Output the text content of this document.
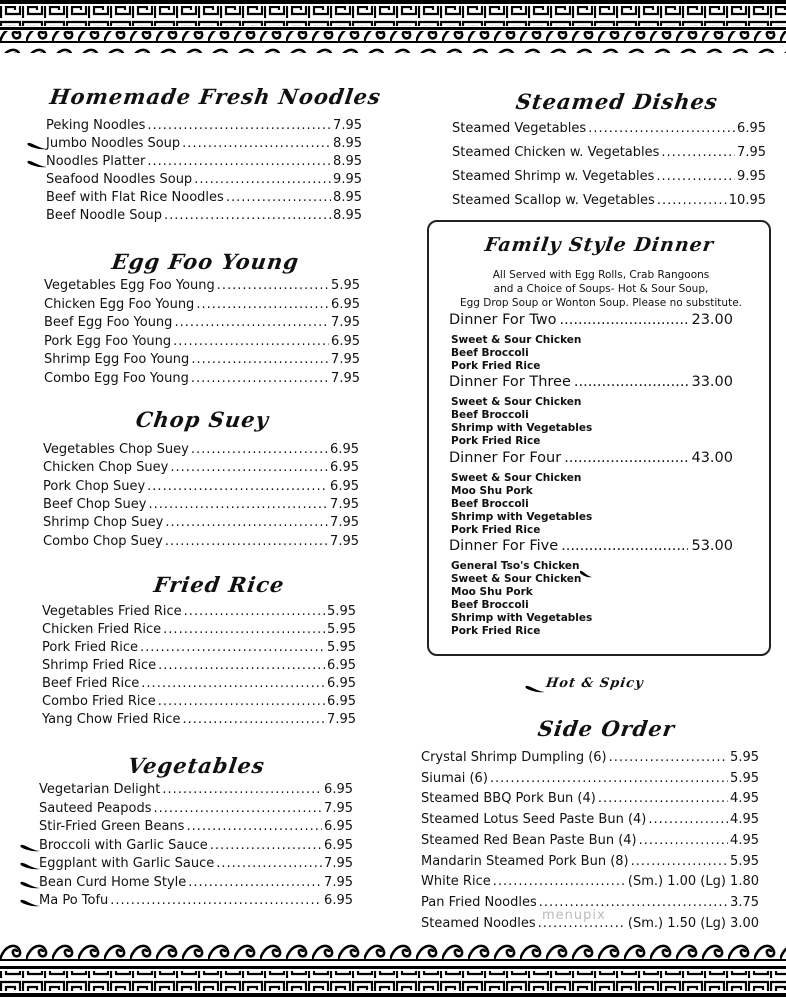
Homemade Fresh Noodles
Peking Noodles .....	7.95
Jumbo Noodles Soup .....	8.95
Noodles Platter .....	8.95
Seafood Noodles Soup .....	9.95
Beef with Flat Rice Noodles .....	8.95
Beef Noodle Soup .....	8.95
Egg Foo Young
Vegetables Egg Foo Young .....	5.95
Chicken Egg Foo Young .....	6.95
Beef Egg Foo Young .....	7.95
Pork Egg Foo Young .....	6.95
Shrimp Egg Foo Young .....	7.95
Combo Egg Foo Young .....	7.95
Chop Suey
Vegetables Chop Suey .....	6.95
Chicken Chop Suey .....	6.95
Pork Chop Suey .....	6.95
Beef Chop Suey .....	7.95
Shrimp Chop Suey .....	7.95
Combo Chop Suey .....	7.95
Fried Rice
Vegetables Fried Rice .....	5.95
Chicken Fried Rice .....	5.95
Pork Fried Rice .....	5.95
Shrimp Fried Rice .....	6.95
Beef Fried Rice .....	6.95
Combo Fried Rice .....	6.95
Yang Chow Fried Rice .....	7.95
Vegetables
Vegetarian Delight .....	6.95
Sauteed Peapods .....	7.95
Stir-Fried Green Beans .....	6.95
Broccoli with Garlic Sauce .....	6.95
Eggplant with Garlic Sauce .....	7.95
Bean Curd Home Style .....	7.95
Ma Po Tofu .....	6.95
Steamed Dishes
Steamed Vegetables .....	6.95
Steamed Chicken w. Vegetables .....	7.95
Steamed Shrimp w. Vegetables .....	9.95
Steamed Scallop w. Vegetables .....	10.95
Hot & Spicy
Side Order
Crystal Shrimp Dumpling (6) .....	5.95
Siumai (6) .....	5.95
Steamed BBQ Pork Bun (4) .....	4.95
Steamed Lotus Seed Paste Bun (4) .....	4.95
Steamed Red Bean Paste Bun (4) .....	4.95
Mandarin Steamed Pork Bun (8) .....	5.95
White Rice .....	(Sm.) 1.00 (Lg) 1.80
Pan Fried Noodles .....	3.75
Steamed Noodles .....	(Sm.) 1.50 (Lg) 3.00
menupix
Family Style Dinner
All Served with Egg Rolls, Crab Rangoons
and a Choice of Soups- Hot & Sour Soup,
Egg Drop Soup or Wonton Soup. Please no substitute.
Dinner For Two .....	23.00
Sweet & Sour Chicken
Beef Broccoli
Pork Fried Rice
Dinner For Three .....	33.00
Sweet & Sour Chicken
Beef Broccoli
Shrimp with Vegetables
Pork Fried Rice
Dinner For Four .....	43.00
Sweet & Sour Chicken
Moo Shu Pork
Beef Broccoli
Shrimp with Vegetables
Pork Fried Rice
Dinner For Five .....	53.00
General Tso's Chicken
Sweet & Sour Chicken
Moo Shu Pork
Beef Broccoli
Shrimp with Vegetables
Pork Fried Rice
